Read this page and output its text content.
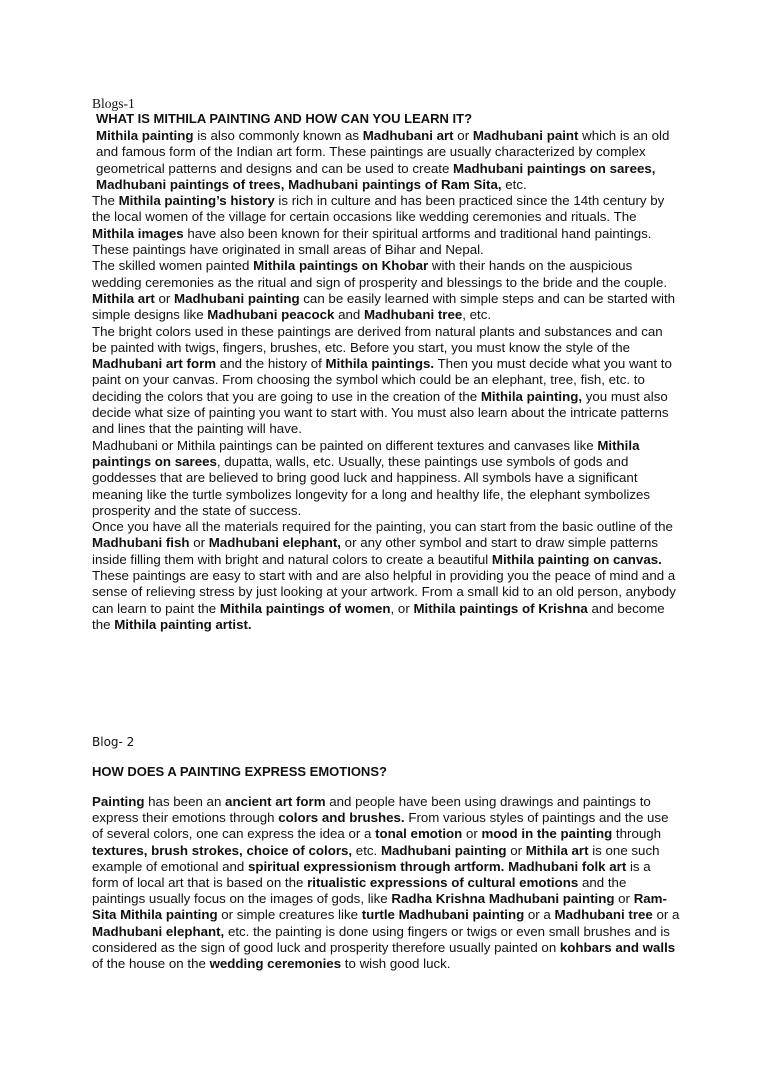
Blogs-1
WHAT IS MITHILA PAINTING AND HOW CAN YOU LEARN IT?

Mithila painting is also commonly known as Madhubani art or Madhubani paint which is an old and famous form of the Indian art form. These paintings are usually characterized by complex geometrical patterns and designs and can be used to create Madhubani paintings on sarees, Madhubani paintings of trees, Madhubani paintings of Ram Sita, etc.

The Mithila painting’s history is rich in culture and has been practiced since the 14th century by the local women of the village for certain occasions like wedding ceremonies and rituals. The Mithila images have also been known for their spiritual artforms and traditional hand paintings. These paintings have originated in small areas of Bihar and Nepal.

The skilled women painted Mithila paintings on Khobar with their hands on the auspicious wedding ceremonies as the ritual and sign of prosperity and blessings to the bride and the couple.

Mithila art or Madhubani painting can be easily learned with simple steps and can be started with simple designs like Madhubani peacock and Madhubani tree, etc.

The bright colors used in these paintings are derived from natural plants and substances and can be painted with twigs, fingers, brushes, etc. Before you start, you must know the style of the Madhubani art form and the history of Mithila paintings. Then you must decide what you want to paint on your canvas. From choosing the symbol which could be an elephant, tree, fish, etc. to deciding the colors that you are going to use in the creation of the Mithila painting, you must also decide what size of painting you want to start with. You must also learn about the intricate patterns and lines that the painting will have.

Madhubani or Mithila paintings can be painted on different textures and canvases like Mithila paintings on sarees, dupatta, walls, etc. Usually, these paintings use symbols of gods and goddesses that are believed to bring good luck and happiness. All symbols have a significant meaning like the turtle symbolizes longevity for a long and healthy life, the elephant symbolizes prosperity and the state of success.

Once you have all the materials required for the painting, you can start from the basic outline of the Madhubani fish or Madhubani elephant, or any other symbol and start to draw simple patterns inside filling them with bright and natural colors to create a beautiful Mithila painting on canvas.

These paintings are easy to start with and are also helpful in providing you the peace of mind and a sense of relieving stress by just looking at your artwork. From a small kid to an old person, anybody can learn to paint the Mithila paintings of women, or Mithila paintings of Krishna and become the Mithila painting artist.

Blog- 2
HOW DOES A PAINTING EXPRESS EMOTIONS?

Painting has been an ancient art form and people have been using drawings and paintings to express their emotions through colors and brushes. From various styles of paintings and the use of several colors, one can express the idea or a tonal emotion or mood in the painting through textures, brush strokes, choice of colors, etc. Madhubani painting or Mithila art is one such example of emotional and spiritual expressionism through artform. Madhubani folk art is a form of local art that is based on the ritualistic expressions of cultural emotions and the paintings usually focus on the images of gods, like Radha Krishna Madhubani painting or Ram-Sita Mithila painting or simple creatures like turtle Madhubani painting or a Madhubani tree or a Madhubani elephant, etc. the painting is done using fingers or twigs or even small brushes and is considered as the sign of good luck and prosperity therefore usually painted on kohbars and walls of the house on the wedding ceremonies to wish good luck.
